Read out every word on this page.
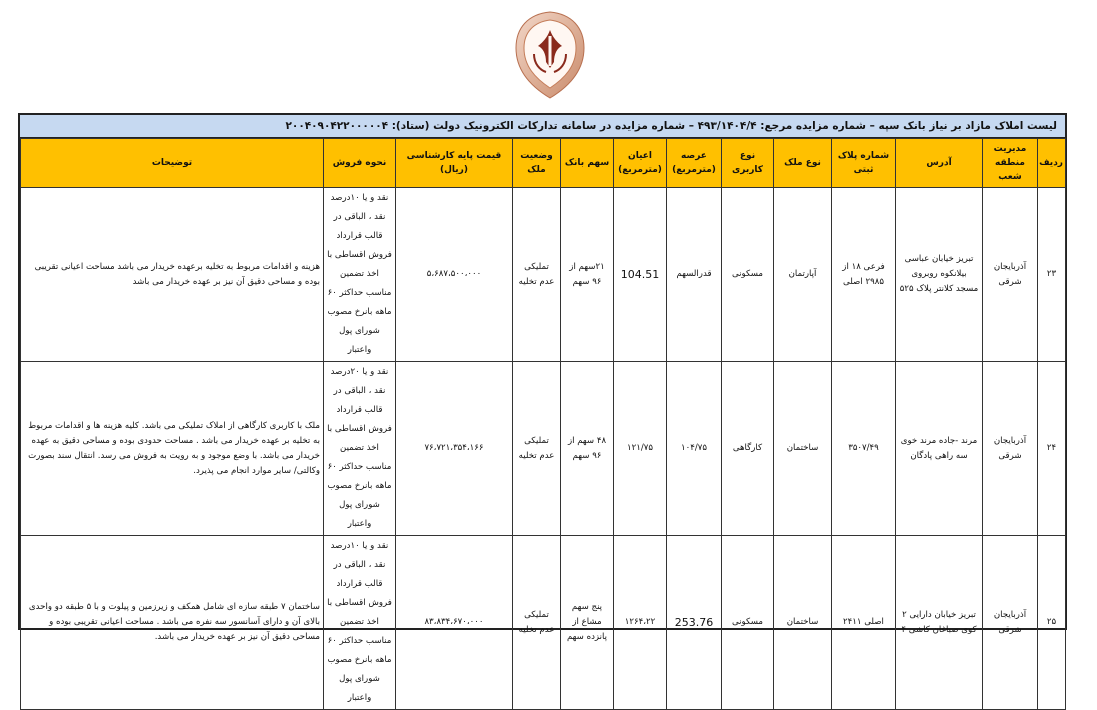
لیست املاک مازاد بر نیاز بانک سپه – شماره مزایده مرجع: ۴۹۳/۱۴۰۴/۴ – شماره مزایده در سامانه تدارکات الکترونیک دولت (ستاد): ۲۰۰۴۰۹۰۴۲۲۰۰۰۰۰۴
ردیف	مدیریت منطقه شعب	آدرس	شماره پلاک ثبتی	نوع ملک	نوع کاربری	عرصه (مترمربع)	اعیان (مترمربع)	سهم بانک	وضعیت ملک	قیمت پایه کارشناسی (ریال)	نحوه فروش	توضیحات
۲۳	آذربایجان شرقی	تبریز خیابان عباسی بیلانکوه روبروی مسجد کلانتر پلاک ۵۲۵	فرعی ۱۸ از ۲۹۸۵ اصلی	آپارتمان	مسکونی	قدرالسهم	104.51	۲۱سهم از ۹۶ سهم	تملیکی عدم تخلیه	۵،۶۸۷،۵۰۰،۰۰۰	نقد و یا ۱۰درصد نقد ، الباقی در قالب قرارداد فروش اقساطی با اخذ تضمین مناسب حداکثر ۶۰ ماهه بانرخ مصوب شورای پول واعتبار	هزینه و اقدامات مربوط به تخلیه برعهده خریدار می باشد مساحت اعیانی تقریبی بوده و مساحی دقیق آن نیز بر عهده خریدار می باشد
۲۴	آذربایجان شرقی	مرند -جاده مرند خوی سه راهی پادگان	۳۵۰۷/۴۹	ساختمان	کارگاهی	۱۰۴/۷۵	۱۲۱/۷۵	۴۸ سهم از ۹۶ سهم	تملیکی عدم تخلیه	۷۶،۷۲۱،۳۵۴،۱۶۶	نقد و یا ۲۰درصد نقد ، الباقی در قالب قرارداد فروش اقساطی با اخذ تضمین مناسب حداکثر ۶۰ ماهه بانرخ مصوب شورای پول واعتبار	ملک با کاربری کارگاهی از املاک تملیکی می باشد. کلیه هزینه ها و اقدامات مربوط به تخلیه بر عهده خریدار می باشد . مساحت حدودی بوده و مساحی دقیق به عهده خریدار می باشد. با وضع موجود و به رویت به فروش می رسد. انتقال سند بصورت وکالتی/ سایر موارد انجام می پذیرد.
۲۵	آذربایجان شرقی	تبریز خیابان دارایی ۲ کوی صباغان کاشی ۴	اصلی ۲۴۱۱	ساختمان	مسکونی	253.76	۱۲۶۴،۲۲	پنج سهم مشاع از پانزده سهم	تملیکی عدم تخلیه	۸۳،۸۳۴،۶۷۰،۰۰۰	نقد و یا ۱۰درصد نقد ، الباقی در قالب قرارداد فروش اقساطی با اخذ تضمین مناسب حداکثر ۶۰ ماهه بانرخ مصوب شورای پول واعتبار	ساختمان ۷ طبقه سازه ای شامل همکف و زیرزمین و پیلوت و با ۵ طبقه دو واحدی بالای آن و دارای آسانسور سه نفره می باشد . مساحت اعیانی تقریبی بوده و مساحی دقیق آن نیز بر عهده خریدار می باشد.
